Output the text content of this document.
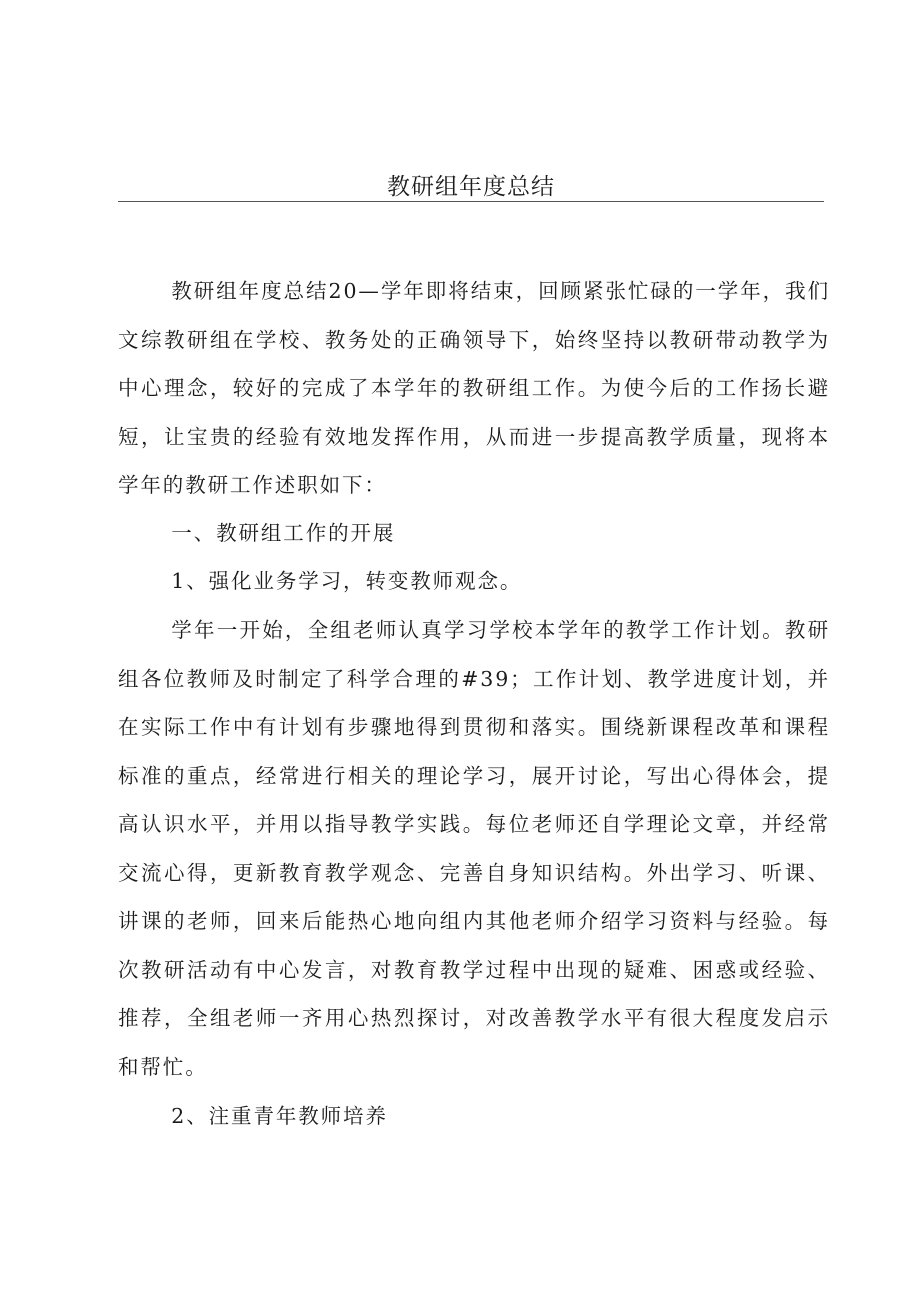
教研组年度总结

教研组年度总结20—学年即将结束，回顾紧张忙碌的一学年，我们文综教研组在学校、教务处的正确领导下，始终坚持以教研带动教学为中心理念，较好的完成了本学年的教研组工作。为使今后的工作扬长避短，让宝贵的经验有效地发挥作用，从而进一步提高教学质量，现将本学年的教研工作述职如下：

一、教研组工作的开展

1、强化业务学习，转变教师观念。

学年一开始，全组老师认真学习学校本学年的教学工作计划。教研组各位教师及时制定了科学合理的#39；工作计划、教学进度计划，并在实际工作中有计划有步骤地得到贯彻和落实。围绕新课程改革和课程标准的重点，经常进行相关的理论学习，展开讨论，写出心得体会，提高认识水平，并用以指导教学实践。每位老师还自学理论文章，并经常交流心得，更新教育教学观念、完善自身知识结构。外出学习、听课、讲课的老师，回来后能热心地向组内其他老师介绍学习资料与经验。每次教研活动有中心发言，对教育教学过程中出现的疑难、困惑或经验、推荐，全组老师一齐用心热烈探讨，对改善教学水平有很大程度发启示和帮忙。

2、注重青年教师培养
